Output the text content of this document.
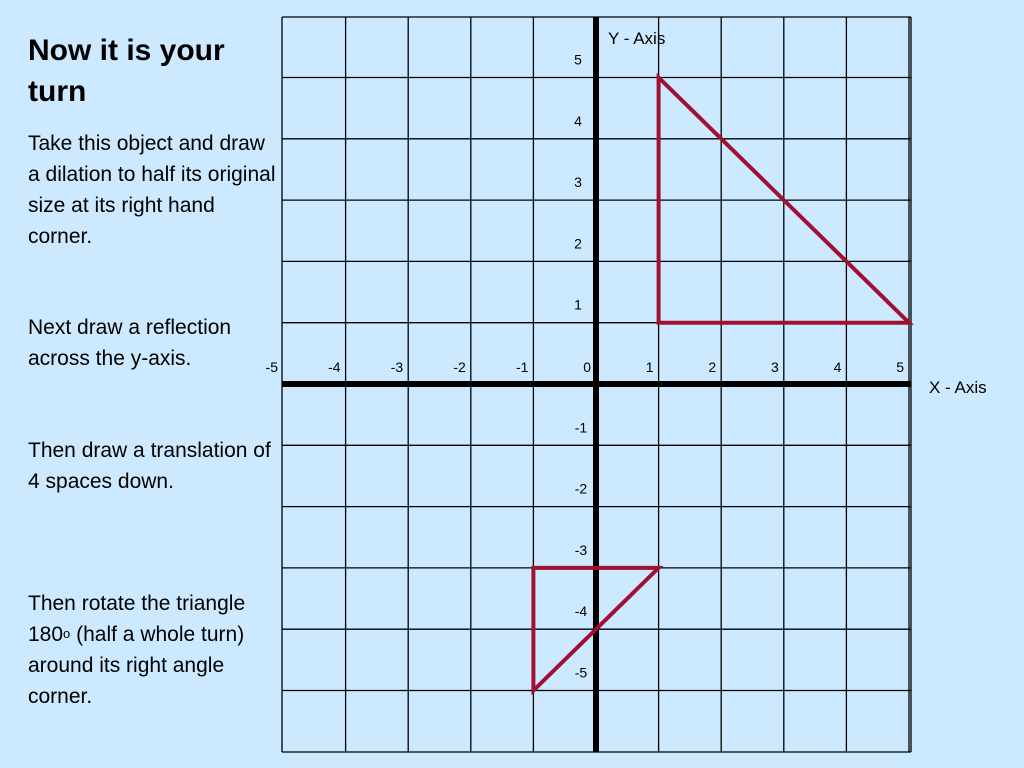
Now it is your turn

Take this object and draw a dilation to half its original size at its right hand corner.

Next draw a reflection across the y-axis.

Then draw a translation of 4 spaces down.

Then rotate the triangle 180$^o$ (half a whole turn) around its right angle corner.

-5	-4	-3	-2	-1	0	1	2	3	4	5
5
4
3
2
1
-1
-2
-3
-4
-5
Y - Axis
X - Axis
